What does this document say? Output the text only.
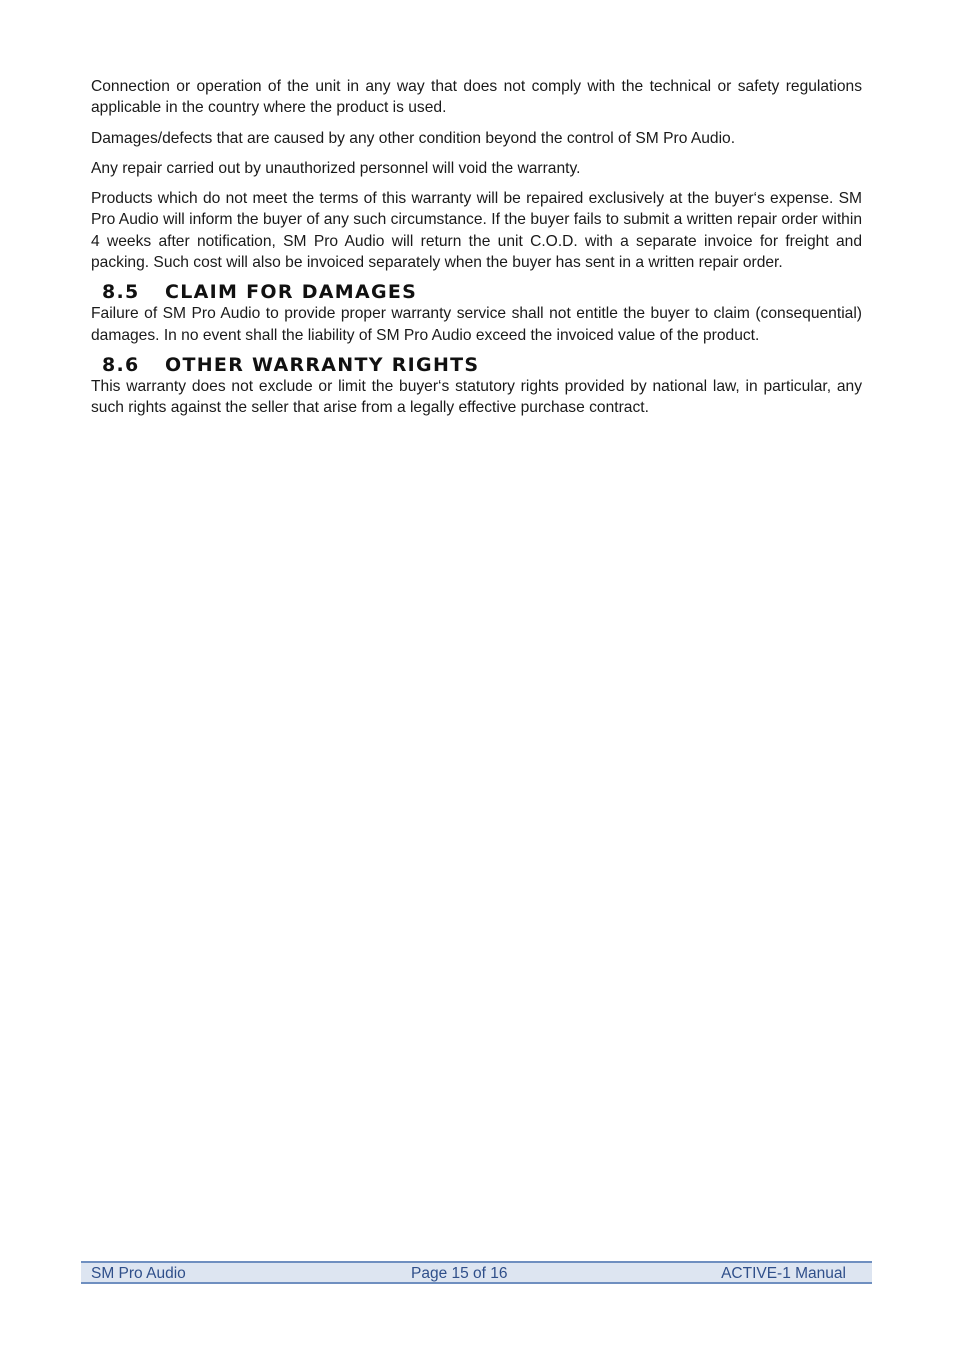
Connection or operation of the unit in any way that does not comply with the technical or safety regulations applicable in the country where the product is used.

Damages/defects that are caused by any other condition beyond the control of SM Pro Audio.

Any repair carried out by unauthorized personnel will void the warranty.

Products which do not meet the terms of this warranty will be repaired exclusively at the buyer‘s expense. SM Pro Audio will inform the buyer of any such circumstance. If the buyer fails to submit a written repair order within 4 weeks after notification, SM Pro Audio will return the unit C.O.D. with a separate invoice for freight and packing. Such cost will also be invoiced separately when the buyer has sent in a written repair order.

8.5	CLAIM FOR DAMAGES

Failure of SM Pro Audio to provide proper warranty service shall not entitle the buyer to claim (consequential) damages. In no event shall the liability of SM Pro Audio exceed the invoiced value of the product.

8.6	OTHER WARRANTY RIGHTS

This warranty does not exclude or limit the buyer‘s statutory rights provided by national law, in particular, any such rights against the seller that arise from a legally effective purchase contract.

SM Pro Audio	Page 15 of 16	ACTIVE-1 Manual
